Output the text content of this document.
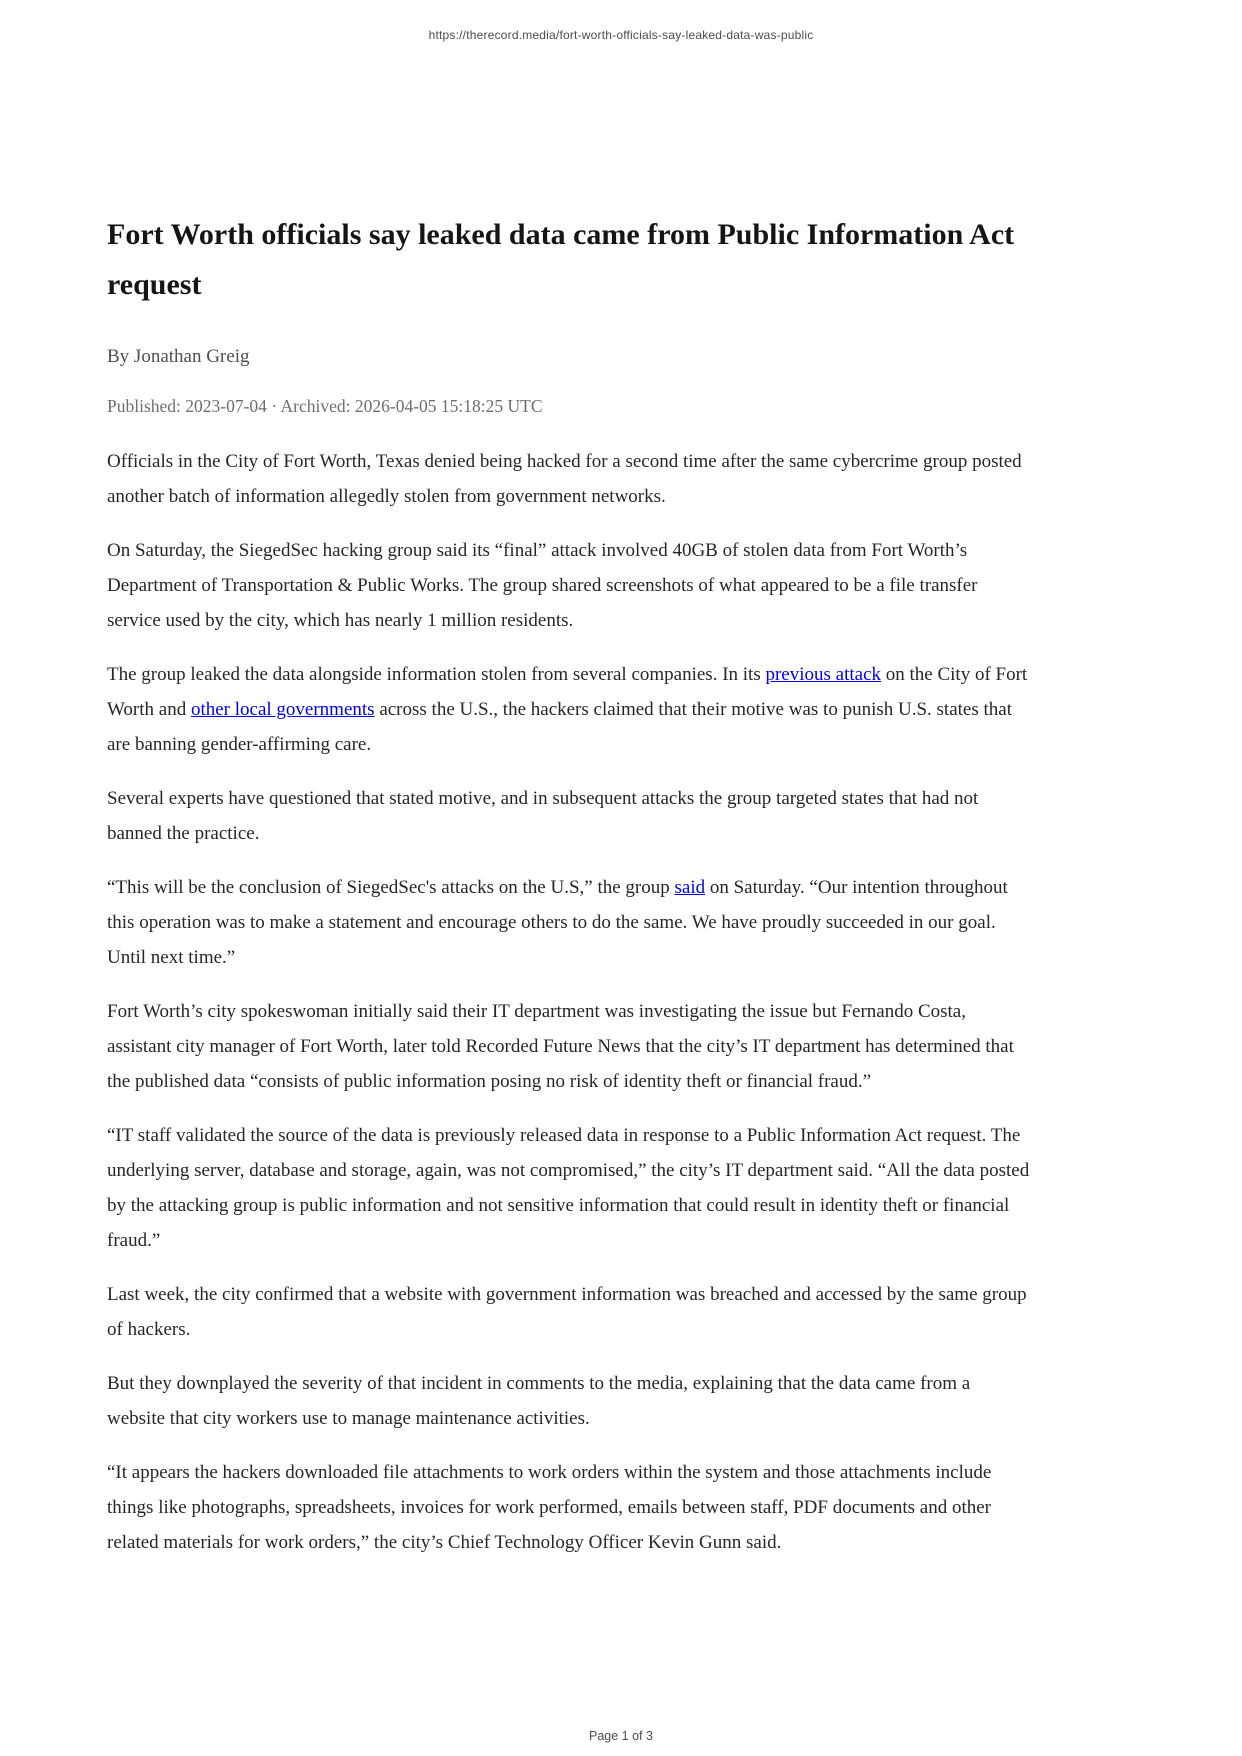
https://therecord.media/fort-worth-officials-say-leaked-data-was-public
Fort Worth officials say leaked data came from Public Information Act request
By Jonathan Greig
Published: 2023-07-04 · Archived: 2026-04-05 15:18:25 UTC

Officials in the City of Fort Worth, Texas denied being hacked for a second time after the same cybercrime group posted another batch of information allegedly stolen from government networks.

On Saturday, the SiegedSec hacking group said its “final” attack involved 40GB of stolen data from Fort Worth’s Department of Transportation & Public Works. The group shared screenshots of what appeared to be a file transfer service used by the city, which has nearly 1 million residents.

The group leaked the data alongside information stolen from several companies. In its previous attack on the City of Fort Worth and other local governments across the U.S., the hackers claimed that their motive was to punish U.S. states that are banning gender-affirming care.

Several experts have questioned that stated motive, and in subsequent attacks the group targeted states that had not banned the practice.

“This will be the conclusion of SiegedSec's attacks on the U.S,” the group said on Saturday. “Our intention throughout this operation was to make a statement and encourage others to do the same. We have proudly succeeded in our goal. Until next time.”

Fort Worth’s city spokeswoman initially said their IT department was investigating the issue but Fernando Costa, assistant city manager of Fort Worth, later told Recorded Future News that the city’s IT department has determined that the published data “consists of public information posing no risk of identity theft or financial fraud.”

“IT staff validated the source of the data is previously released data in response to a Public Information Act request. The underlying server, database and storage, again, was not compromised,” the city’s IT department said. “All the data posted by the attacking group is public information and not sensitive information that could result in identity theft or financial fraud.”

Last week, the city confirmed that a website with government information was breached and accessed by the same group of hackers.

But they downplayed the severity of that incident in comments to the media, explaining that the data came from a website that city workers use to manage maintenance activities.

“It appears the hackers downloaded file attachments to work orders within the system and those attachments include things like photographs, spreadsheets, invoices for work performed, emails between staff, PDF documents and other related materials for work orders,” the city’s Chief Technology Officer Kevin Gunn said.

Page 1 of 3
